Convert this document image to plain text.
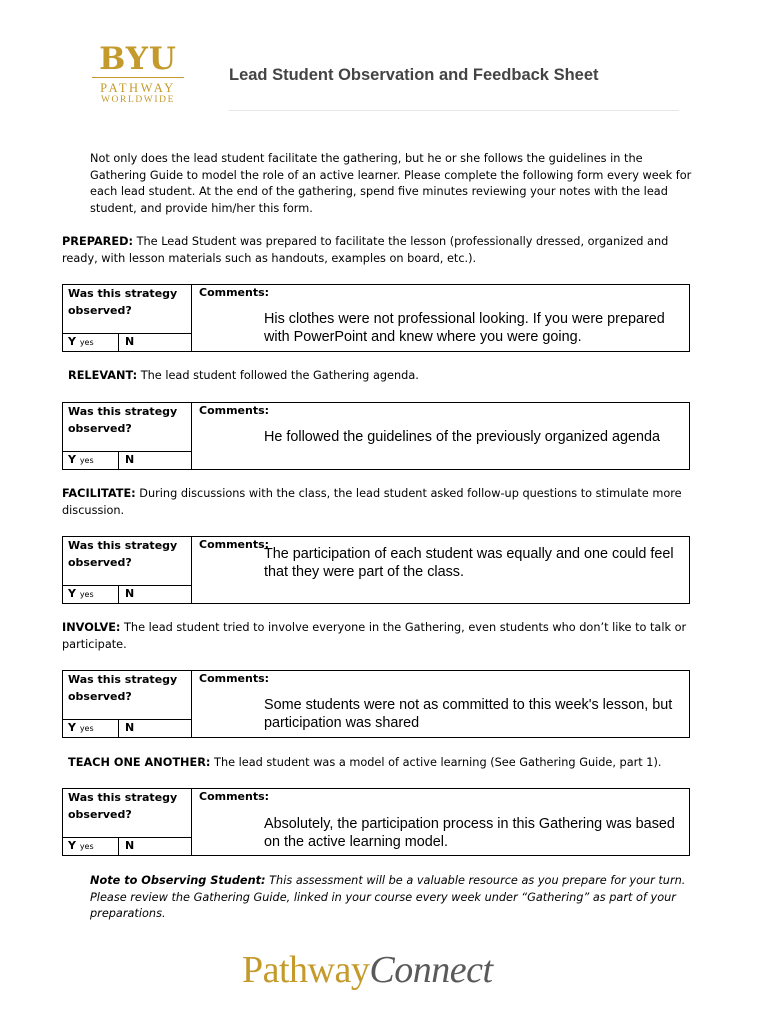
BYU
PATHWAY
WORLDWIDE
Lead Student Observation and Feedback Sheet
Not only does the lead student facilitate the gathering, but he or she follows the guidelines in the Gathering Guide to model the role of an active learner. Please complete the following form every week for each lead student. At the end of the gathering, spend five minutes reviewing your notes with the lead student, and provide him/her this form.
PREPARED: The Lead Student was prepared to facilitate the lesson (professionally dressed, organized and ready, with lesson materials such as handouts, examples on board, etc.).
Was this strategy observed?
Y yes	N
Comments:
His clothes were not professional looking. If you were prepared with PowerPoint and knew where you were going.
RELEVANT: The lead student followed the Gathering agenda.
Was this strategy observed?
Y yes	N
Comments:
He followed the guidelines of the previously organized agenda
FACILITATE: During discussions with the class, the lead student asked follow-up questions to stimulate more discussion.
Was this strategy observed?
Y yes	N
Comments:
The participation of each student was equally and one could feel that they were part of the class.
INVOLVE: The lead student tried to involve everyone in the Gathering, even students who don’t like to talk or participate.
Was this strategy observed?
Y yes	N
Comments:
Some students were not as committed to this week's lesson, but participation was shared
TEACH ONE ANOTHER: The lead student was a model of active learning (See Gathering Guide, part 1).
Was this strategy observed?
Y yes	N
Comments:
Absolutely, the participation process in this Gathering was based on the active learning model.
Note to Observing Student: This assessment will be a valuable resource as you prepare for your turn. Please review the Gathering Guide, linked in your course every week under “Gathering” as part of your preparations.
PathwayConnect
